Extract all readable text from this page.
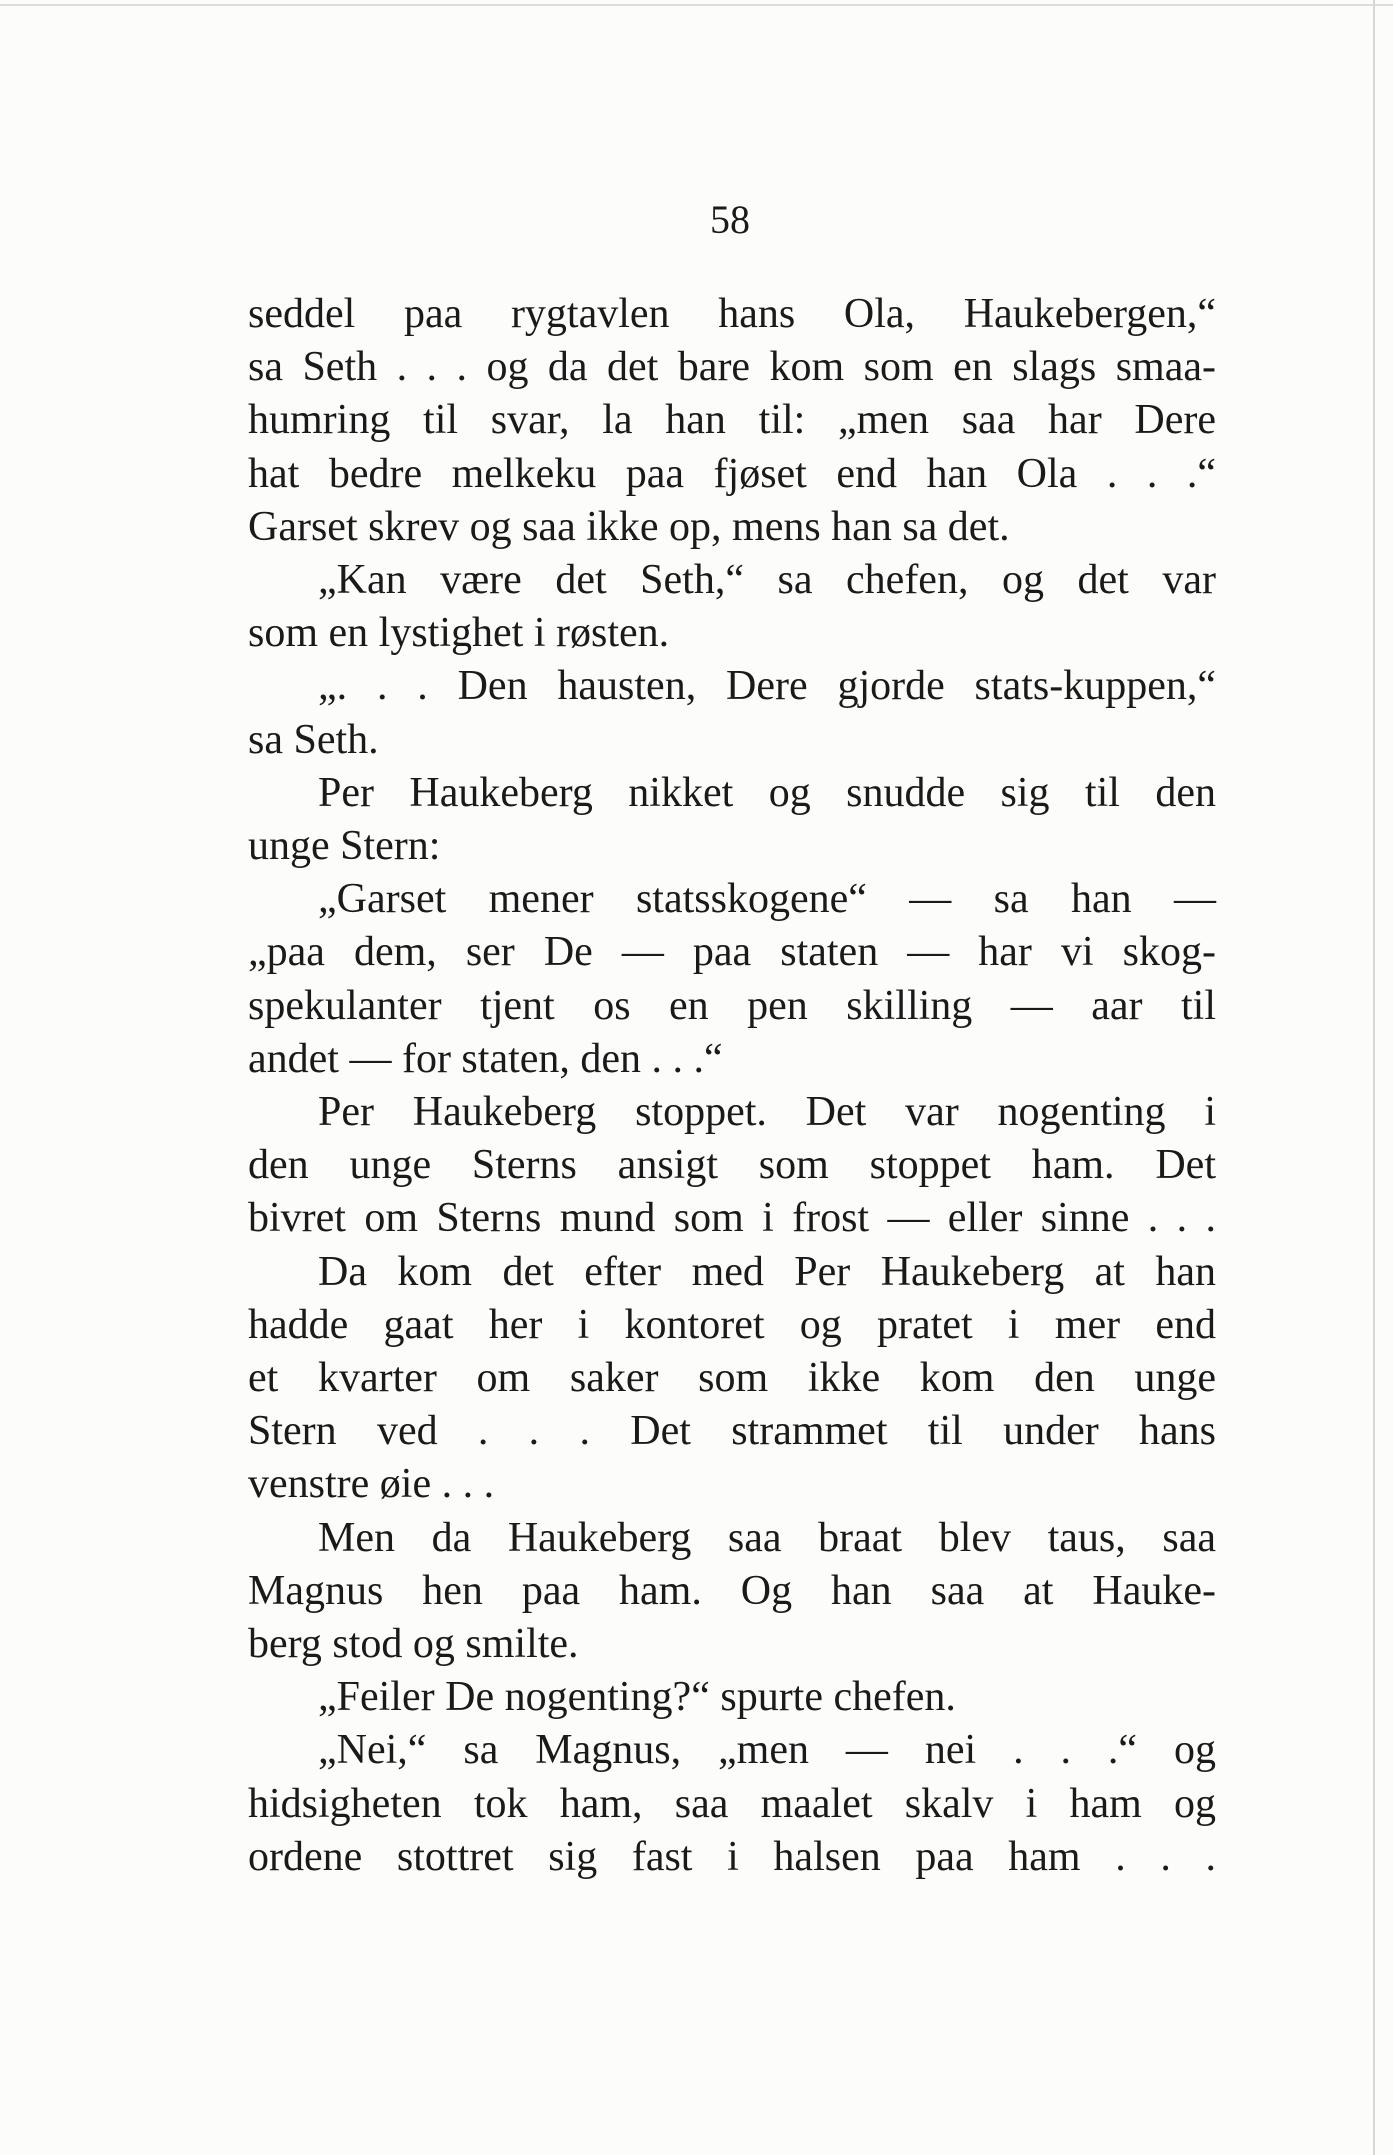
58
seddel paa rygtavlen hans Ola, Haukebergen,“
sa Seth . . . og da det bare kom som en slags smaa-
humring til svar, la han til: „men saa har Dere
hat bedre melkeku paa fjøset end han Ola . . .“
Garset skrev og saa ikke op, mens han sa det.
„Kan være det Seth,“ sa chefen, og det var
som en lystighet i røsten.
„. . . Den hausten, Dere gjorde stats-kuppen,“
sa Seth.
Per Haukeberg nikket og snudde sig til den
unge Stern:
„Garset mener statsskogene“ — sa han —
„paa dem, ser De — paa staten — har vi skog-
spekulanter tjent os en pen skilling — aar til
andet — for staten, den . . .“
Per Haukeberg stoppet. Det var nogenting i
den unge Sterns ansigt som stoppet ham. Det
bivret om Sterns mund som i frost — eller sinne . . .
Da kom det efter med Per Haukeberg at han
hadde gaat her i kontoret og pratet i mer end
et kvarter om saker som ikke kom den unge
Stern ved . . . Det strammet til under hans
venstre øie . . .
Men da Haukeberg saa braat blev taus, saa
Magnus hen paa ham. Og han saa at Hauke-
berg stod og smilte.
„Feiler De nogenting?“ spurte chefen.
„Nei,“ sa Magnus, „men — nei . . .“ og
hidsigheten tok ham, saa maalet skalv i ham og
ordene stottret sig fast i halsen paa ham . . .
